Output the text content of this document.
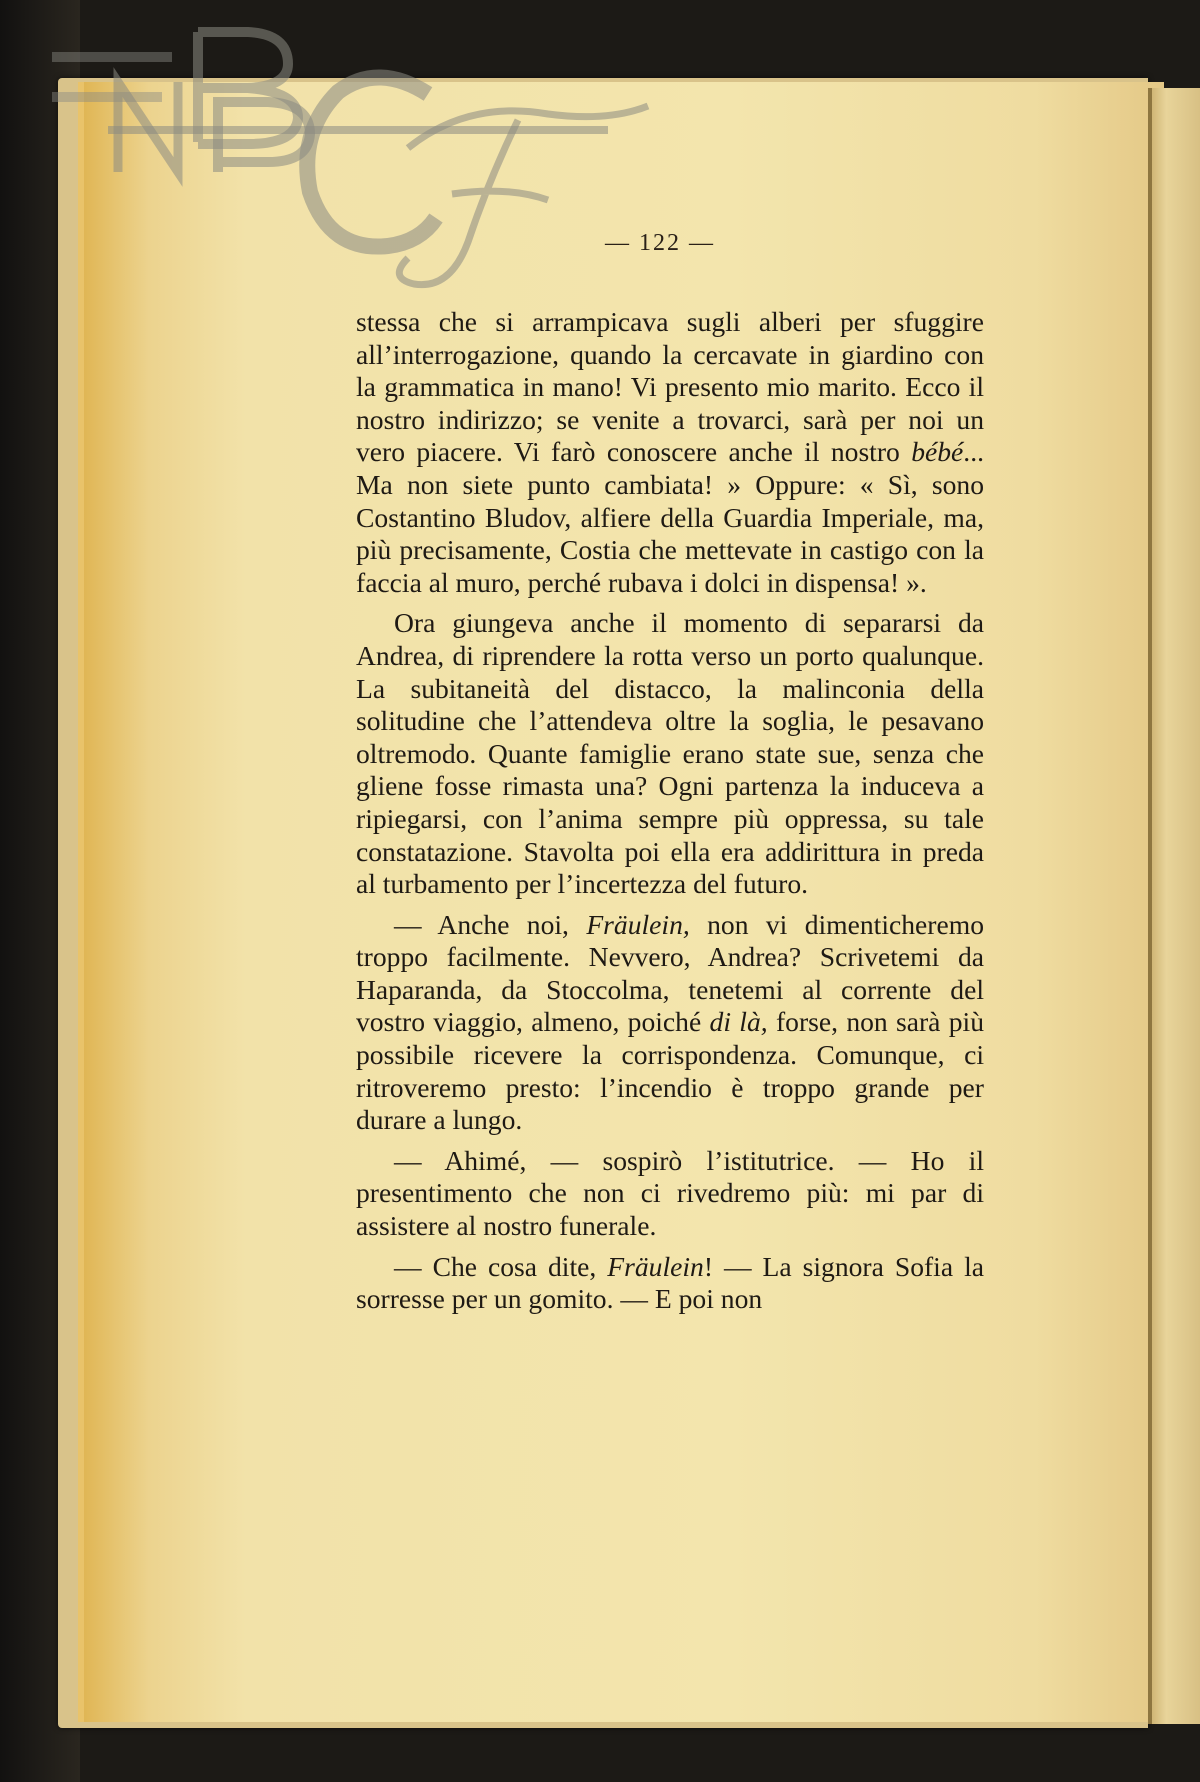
— 122 —

stessa che si arrampicava sugli alberi per sfuggire all’interrogazione, quando la cercavate in giardino con la grammatica in mano! Vi presento mio marito. Ecco il nostro indirizzo; se venite a trovarci, sarà per noi un vero piacere. Vi farò conoscere anche il nostro bébé... Ma non siete punto cambiata! » Oppure: « Sì, sono Costantino Bludov, alfiere della Guardia Imperiale, ma, più precisamente, Costia che mettevate in castigo con la faccia al muro, perché rubava i dolci in dispensa! ».

Ora giungeva anche il momento di separarsi da Andrea, di riprendere la rotta verso un porto qualunque. La subitaneità del distacco, la malinconia della solitudine che l’attendeva oltre la soglia, le pesavano oltremodo. Quante famiglie erano state sue, senza che gliene fosse rimasta una? Ogni partenza la induceva a ripiegarsi, con l’anima sempre più oppressa, su tale constatazione. Stavolta poi ella era addirittura in preda al turbamento per l’incertezza del futuro.

— Anche noi, Fräulein, non vi dimenticheremo troppo facilmente. Nevvero, Andrea? Scrivetemi da Haparanda, da Stoccolma, tenetemi al corrente del vostro viaggio, almeno, poiché di là, forse, non sarà più possibile ricevere la corrispondenza. Comunque, ci ritroveremo presto: l’incendio è troppo grande per durare a lungo.

— Ahimé, — sospirò l’istitutrice. — Ho il presentimento che non ci rivedremo più: mi par di assistere al nostro funerale.

— Che cosa dite, Fräulein! — La signora Sofia la sorresse per un gomito. — E poi non
